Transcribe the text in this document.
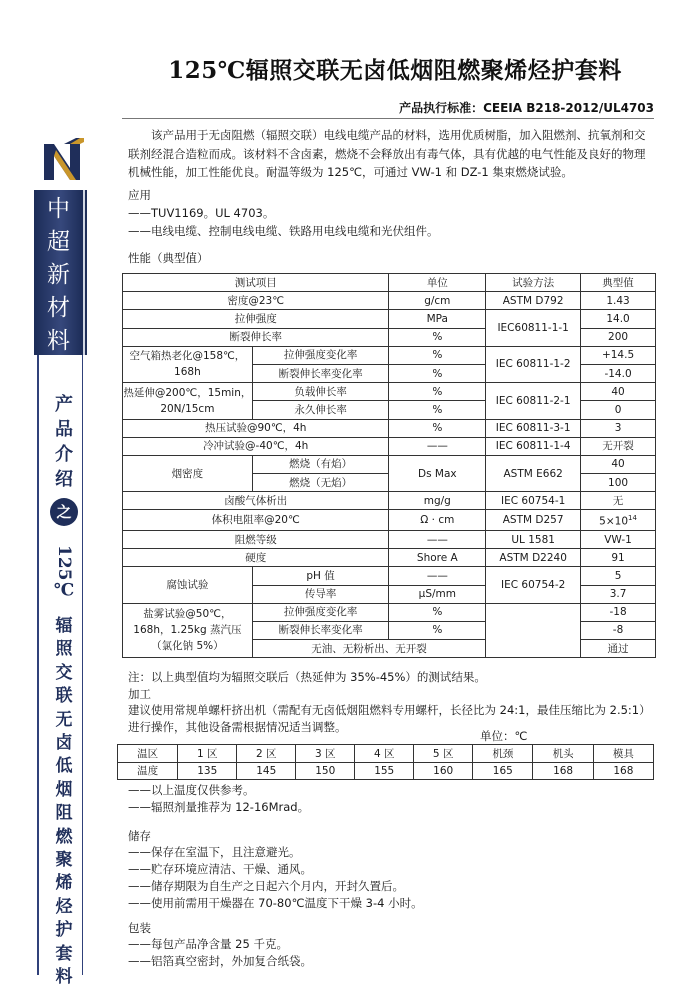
125℃辐照交联无卤低烟阻燃聚烯烃护套料
产品执行标准：CEEIA B218-2012/UL4703
中
超
新
材
料
产
品
介
绍
之
125℃
辐
照
交
联
无
卤
低
烟
阻
燃
聚
烯
烃
护
套
料
该产品用于无卤阻燃（辐照交联）电线电缆产品的材料，选用优质树脂，加入阻燃剂、抗氧剂和交联剂经混合造粒而成。该材料不含卤素，燃烧不会释放出有毒气体，具有优越的电气性能及良好的物理机械性能，加工性能优良。耐温等级为 125℃，可通过 VW-1 和 DZ-1 集束燃烧试验。
应用
——TUV1169。UL 4703。
——电线电缆、控制电线电缆、铁路用电线电缆和光伏组件。
性能（典型值）
测试项目		单位	试验方法	典型值
密度@23℃		g/cm	ASTM D792	1.43
拉伸强度		MPa	IEC60811-1-1	14.0
断裂伸长率		%		200
空气箱热老化@158℃，168h	拉伸强度变化率	%	IEC 60811-1-2	+14.5
	断裂伸长率变化率	%		-14.0
热延伸@200℃，15min，20N/15cm	负载伸长率	%	IEC 60811-2-1	40
	永久伸长率	%		0
热压试验@90℃，4h		%	IEC 60811-3-1	3
冷冲试验@-40℃，4h		——	IEC 60811-1-4	无开裂
烟密度	燃烧（有焰）	Ds Max	ASTM E662	40
	燃烧（无焰）			100
卤酸气体析出		mg/g	IEC 60754-1	无
体积电阻率@20℃		Ω · cm	ASTM D257	$5\times 10^{14}$
阻燃等级		——	UL 1581	VW-1
硬度		Shore A	ASTM D2240	91
腐蚀试验	pH 值	——	IEC 60754-2	5
	传导率	μS/mm		3.7
盐雾试验@50℃，168h，1.25kg 蒸汽压（氯化钠 5%）	拉伸强度变化率	%		-18
	断裂伸长率变化率	%		-8
	无油、无粉析出、无开裂			通过
注：以上典型值均为辐照交联后（热延伸为 35%-45%）的测试结果。
加工
建议使用常规单螺杆挤出机（需配有无卤低烟阻燃料专用螺杆，长径比为 24:1，最佳压缩比为 2.5:1）进行操作，其他设备需根据情况适当调整。
单位：℃
温区	1 区	2 区	3 区	4 区	5 区	机颈	机头	模具
温度	135	145	150	155	160	165	168	168
——以上温度仅供参考。
——辐照剂量推荐为 12-16Mrad。
储存
——保存在室温下，且注意避光。
——贮存环境应清洁、干燥、通风。
——储存期限为自生产之日起六个月内，开封久置后。
——使用前需用干燥器在 70-80℃温度下干燥 3-4 小时。
包装
——每包产品净含量 25 千克。
——铝箔真空密封，外加复合纸袋。
